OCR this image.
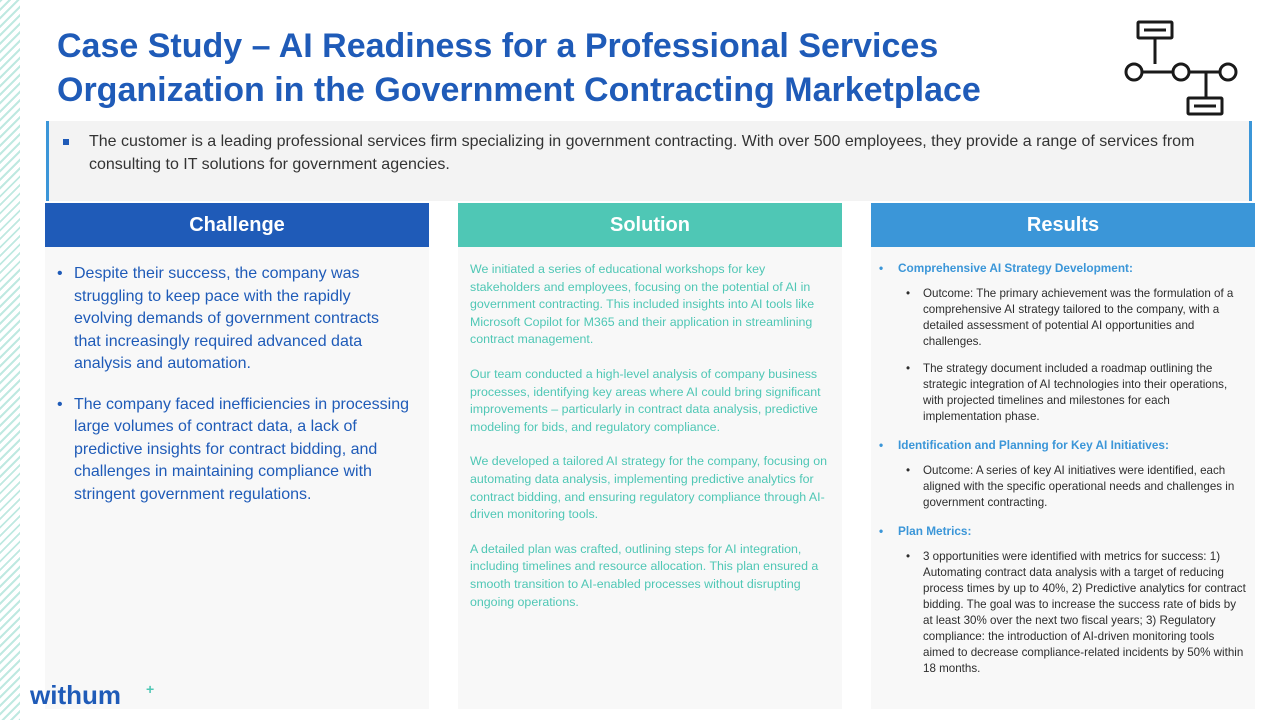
Case Study – AI Readiness for a Professional Services
Organization in the Government Contracting Marketplace
The customer is a leading professional services firm specializing in government contracting. With over 500 employees, they provide a range of services from consulting to IT solutions for government agencies.
Challenge
• Despite their success, the company was struggling to keep pace with the rapidly evolving demands of government contracts that increasingly required advanced data analysis and automation.
• The company faced inefficiencies in processing large volumes of contract data, a lack of predictive insights for contract bidding, and challenges in maintaining compliance with stringent government regulations.
Solution

We initiated a series of educational workshops for key stakeholders and employees, focusing on the potential of AI in government contracting. This included insights into AI tools like Microsoft Copilot for M365 and their application in streamlining contract management.

Our team conducted a high-level analysis of company business processes, identifying key areas where AI could bring significant improvements – particularly in contract data analysis, predictive modeling for bids, and regulatory compliance.

We developed a tailored AI strategy for the company, focusing on automating data analysis, implementing predictive analytics for contract bidding, and ensuring regulatory compliance through AI-driven monitoring tools.

A detailed plan was crafted, outlining steps for AI integration, including timelines and resource allocation. This plan ensured a smooth transition to AI-enabled processes without disrupting ongoing operations.

Results
•	Comprehensive AI Strategy Development:
•	Outcome: The primary achievement was the formulation of a comprehensive AI strategy tailored to the company, with a detailed assessment of potential AI opportunities and challenges.
•	The strategy document included a roadmap outlining the strategic integration of AI technologies into their operations, with projected timelines and milestones for each implementation phase.
•	Identification and Planning for Key AI Initiatives:
•	Outcome: A series of key AI initiatives were identified, each aligned with the specific operational needs and challenges in government contracting.
•	Plan Metrics:
•	3 opportunities were identified with metrics for success: 1) Automating contract data analysis with a target of reducing process times by up to 40%, 2) Predictive analytics for contract bidding. The goal was to increase the success rate of bids by at least 30% over the next two fiscal years; 3) Regulatory compliance: the introduction of AI-driven monitoring tools aimed to decrease compliance-related incidents by 50% within 18 months.
withum +
